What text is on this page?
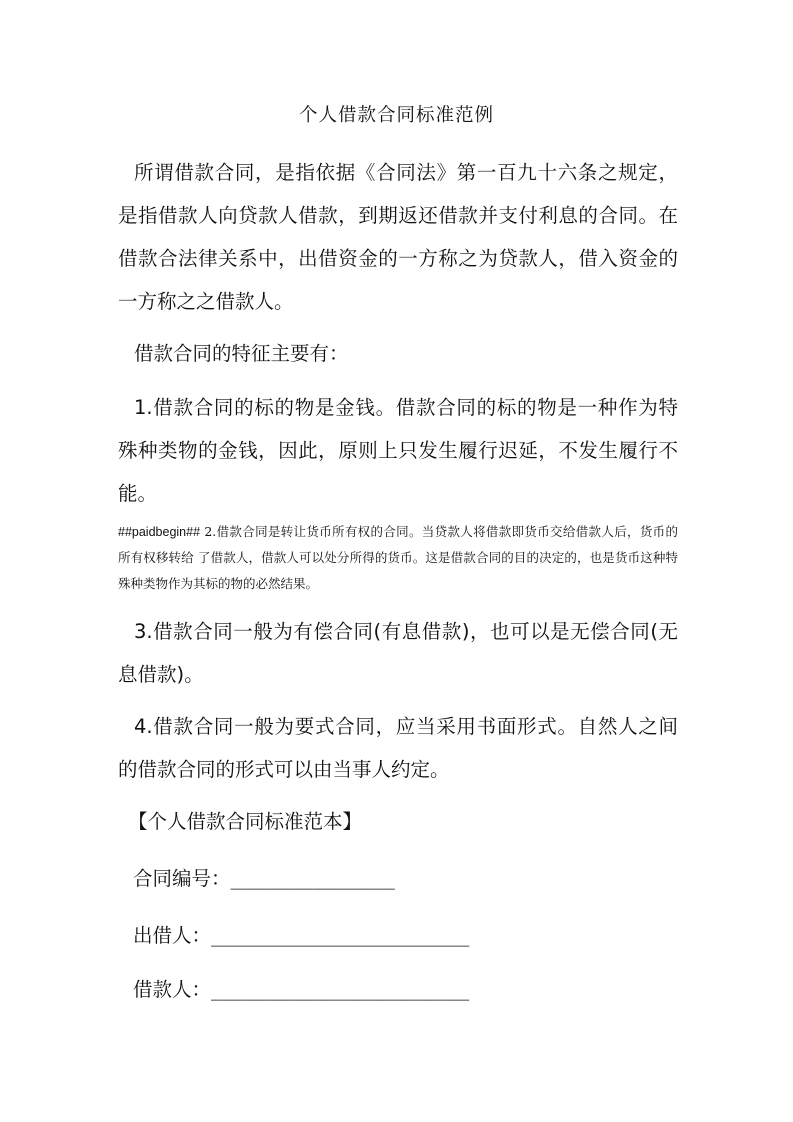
个人借款合同标准范例
所谓借款合同，是指依据《合同法》第一百九十六条之规定，是指借款人向贷款人借款，到期返还借款并支付利息的合同。在借款合法律关系中，出借资金的一方称之为贷款人，借入资金的一方称之之借款人。
借款合同的特征主要有：
1.借款合同的标的物是金钱。借款合同的标的物是一种作为特殊种类物的金钱，因此，原则上只发生履行迟延，不发生履行不能。
##paidbegin## 2.借款合同是转让货币所有权的合同。当贷款人将借款即货币交给借款人后，货币的所有权移转给 了借款人，借款人可以处分所得的货币。这是借款合同的目的决定的，也是货币这种特殊种类物作为其标的物的必然结果。
3.借款合同一般为有偿合同(有息借款)，也可以是无偿合同(无息借款)。
4.借款合同一般为要式合同，应当采用书面形式。自然人之间的借款合同的形式可以由当事人约定。
【个人借款合同标准范本】
合同编号：______________
出借人：______________________
借款人：______________________
